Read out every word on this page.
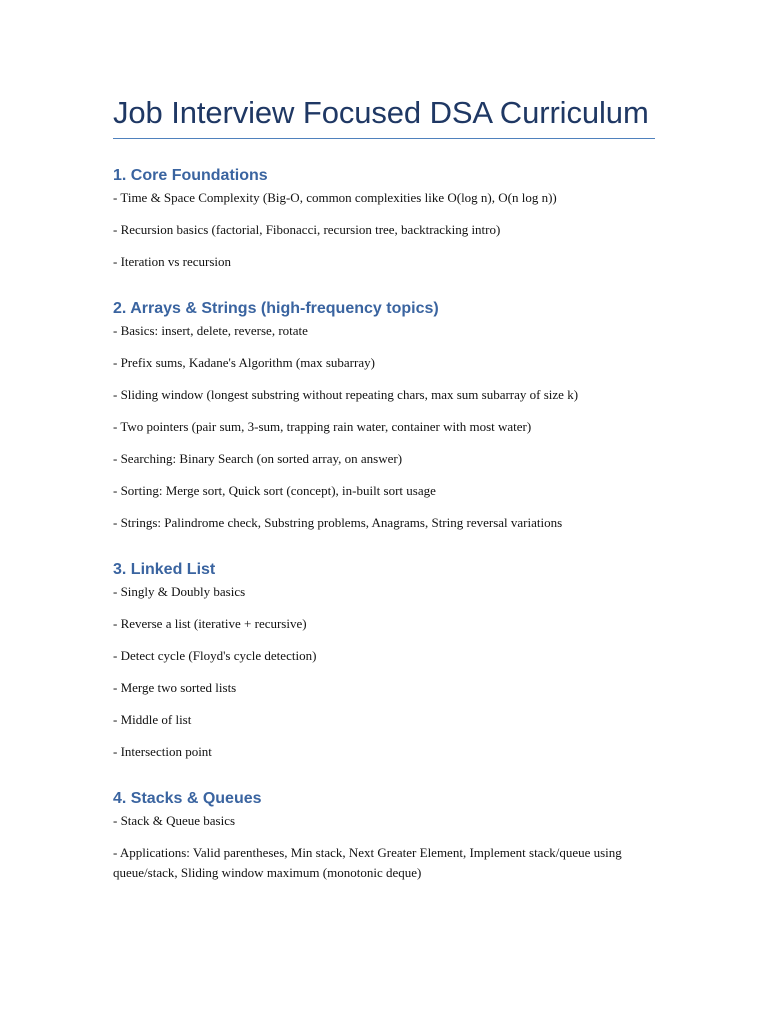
Job Interview Focused DSA Curriculum
1. Core Foundations

- Time & Space Complexity (Big-O, common complexities like O(log n), O(n log n))

- Recursion basics (factorial, Fibonacci, recursion tree, backtracking intro)

- Iteration vs recursion

2. Arrays & Strings (high-frequency topics)

- Basics: insert, delete, reverse, rotate

- Prefix sums, Kadane's Algorithm (max subarray)

- Sliding window (longest substring without repeating chars, max sum subarray of size k)

- Two pointers (pair sum, 3-sum, trapping rain water, container with most water)

- Searching: Binary Search (on sorted array, on answer)

- Sorting: Merge sort, Quick sort (concept), in-built sort usage

- Strings: Palindrome check, Substring problems, Anagrams, String reversal variations

3. Linked List

- Singly & Doubly basics

- Reverse a list (iterative + recursive)

- Detect cycle (Floyd's cycle detection)

- Merge two sorted lists

- Middle of list

- Intersection point

4. Stacks & Queues

- Stack & Queue basics

- Applications: Valid parentheses, Min stack, Next Greater Element, Implement stack/queue using queue/stack, Sliding window maximum (monotonic deque)
